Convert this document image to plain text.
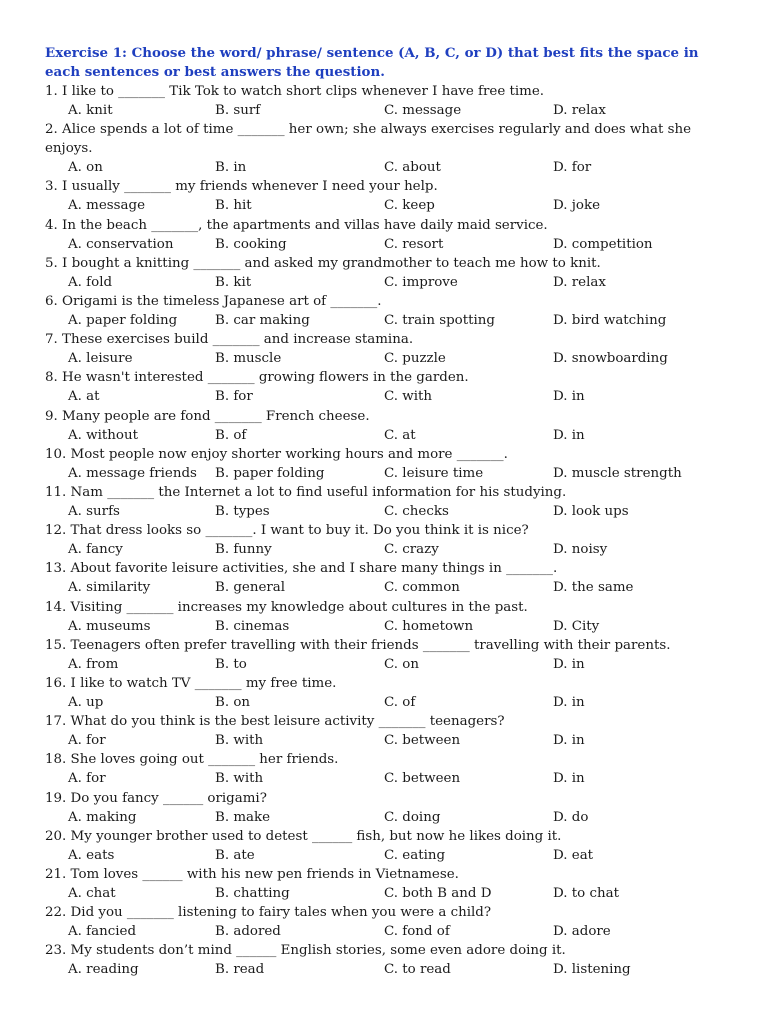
Exercise 1: Choose the word/ phrase/ sentence (A, B, C, or D) that best fits the space in each sentences or best answers the question.
1. I like to _______ Tik Tok to watch short clips whenever I have free time.
A. knit	B. surf	C. message	D. relax
2. Alice spends a lot of time _______ her own; she always exercises regularly and does what she enjoys.
A. on	B. in	C. about	D. for
3. I usually _______ my friends whenever I need your help.
A. message	B. hit	C. keep	D. joke
4. In the beach _______, the apartments and villas have daily maid service.
A. conservation	B. cooking	C. resort	D. competition
5. I bought a knitting _______ and asked my grandmother to teach me how to knit.
A. fold	B. kit	C. improve	D. relax
6. Origami is the timeless Japanese art of _______.
A. paper folding	B. car making	C. train spotting	D. bird watching
7. These exercises build _______ and increase stamina.
A. leisure	B. muscle	C. puzzle	D. snowboarding
8. He wasn't interested _______ growing flowers in the garden.
A. at	B. for	C. with	D. in
9. Many people are fond _______ French cheese.
A. without	B. of	C. at	D. in
10. Most people now enjoy shorter working hours and more _______.
A. message friends	B. paper folding	C. leisure time	D. muscle strength
11. Nam _______ the Internet a lot to find useful information for his studying.
A. surfs	B. types	C. checks	D. look ups
12. That dress looks so _______. I want to buy it. Do you think it is nice?
A. fancy	B. funny	C. crazy	D. noisy
13. About favorite leisure activities, she and I share many things in _______.
A. similarity	B. general	C. common	D. the same
14. Visiting _______ increases my knowledge about cultures in the past.
A. museums	B. cinemas	C. hometown	D. City
15. Teenagers often prefer travelling with their friends _______ travelling with their parents.
A. from	B. to	C. on	D. in
16. I like to watch TV _______ my free time.
A. up	B. on	C. of	D. in
17. What do you think is the best leisure activity _______ teenagers?
A. for	B. with	C. between	D. in
18. She loves going out _______ her friends.
A. for	B. with	C. between	D. in
19. Do you fancy ______ origami?
A. making	B. make	C. doing	D. do
20. My younger brother used to detest ______ fish, but now he likes doing it.
A. eats	B. ate	C. eating	D. eat
21. Tom loves ______ with his new pen friends in Vietnamese.
A. chat	B. chatting	C. both B and D	D. to chat
22. Did you _______ listening to fairy tales when you were a child?
A. fancied	B. adored	C. fond of	D. adore
23. My students don’t mind ______ English stories, some even adore doing it.
A. reading	B. read	C. to read	D. listening
